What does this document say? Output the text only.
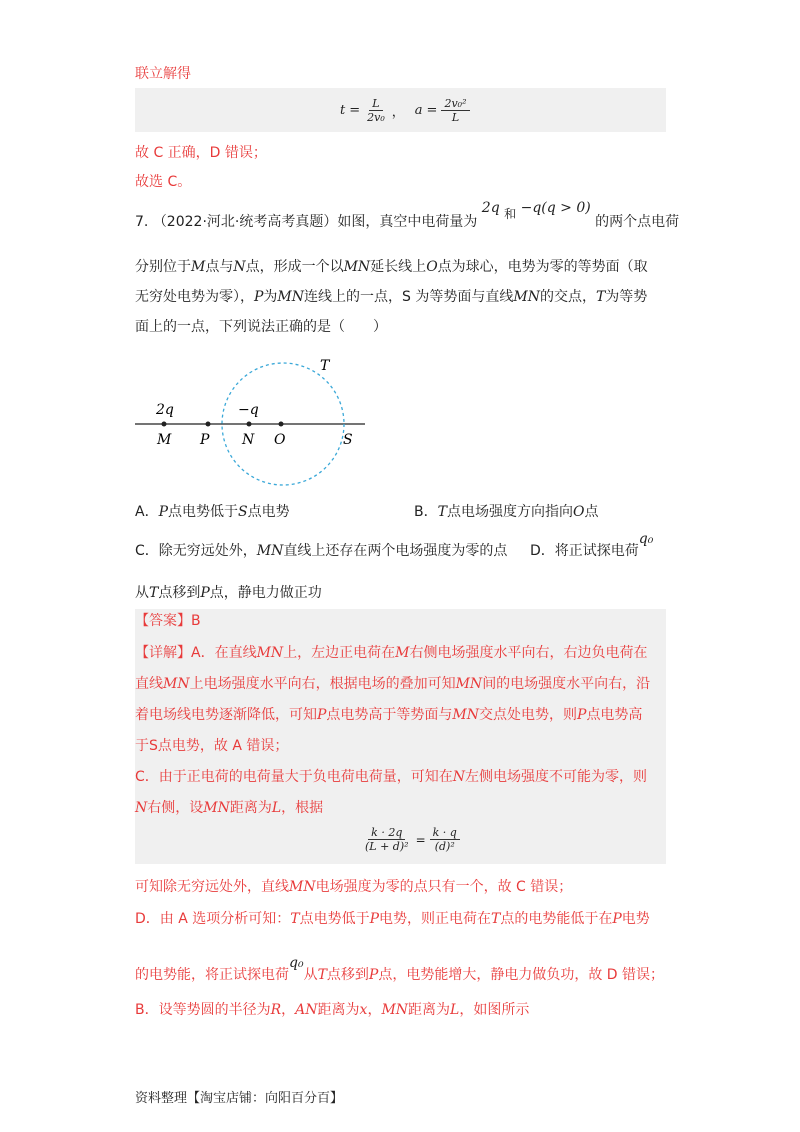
联立解得
$t = \frac{L}{\text{2v₀}}$ ， $a = \frac{\text{2v₀²}}{L}$
故 C 正确，D 错误；
故选 C。
7. （2022·河北·统考高考真题）如图，真空中电荷量为 2q 和 −q(q > 0) 的两个点电荷
分别位于M点与N点，形成一个以MN延长线上O点为球心，电势为零的等势面（取
无穷处电势为零），P为MN连线上的一点，S 为等势面与直线MN的交点，T为等势
面上的一点，下列说法正确的是（　　）
T
2q	−q
M P N O	S
A．P点电势低于S点电势	B．T点电场强度方向指向O点
C．除无穷远处外，MN直线上还存在两个电场强度为零的点 D．将正试探电荷q₀
从T点移到P点，静电力做正功
【答案】B
【详解】A．在直线MN上，左边正电荷在M右侧电场强度水平向右，右边负电荷在
直线MN上电场强度水平向右，根据电场的叠加可知MN间的电场强度水平向右，沿
着电场线电势逐渐降低，可知P点电势高于等势面与MN交点处电势，则P点电势高
于S点电势，故 A 错误；
C．由于正电荷的电荷量大于负电荷电荷量，可知在N左侧电场强度不可能为零，则
N右侧，设MN距离为L，根据
$\frac{k \cdot 2q}{\text{(L + d)²}} = \frac{k \cdot q}{\text{(d)²}}$
可知除无穷远处外，直线MN电场强度为零的点只有一个，故 C 错误；
D．由 A 选项分析可知：T点电势低于P电势，则正电荷在T点的电势能低于在P电势
的电势能，将正试探电荷q₀从T点移到P点，电势能增大，静电力做负功，故 D 错误；
B．设等势圆的半径为R，AN距离为x，MN距离为L，如图所示
资料整理【淘宝店铺：向阳百分百】
